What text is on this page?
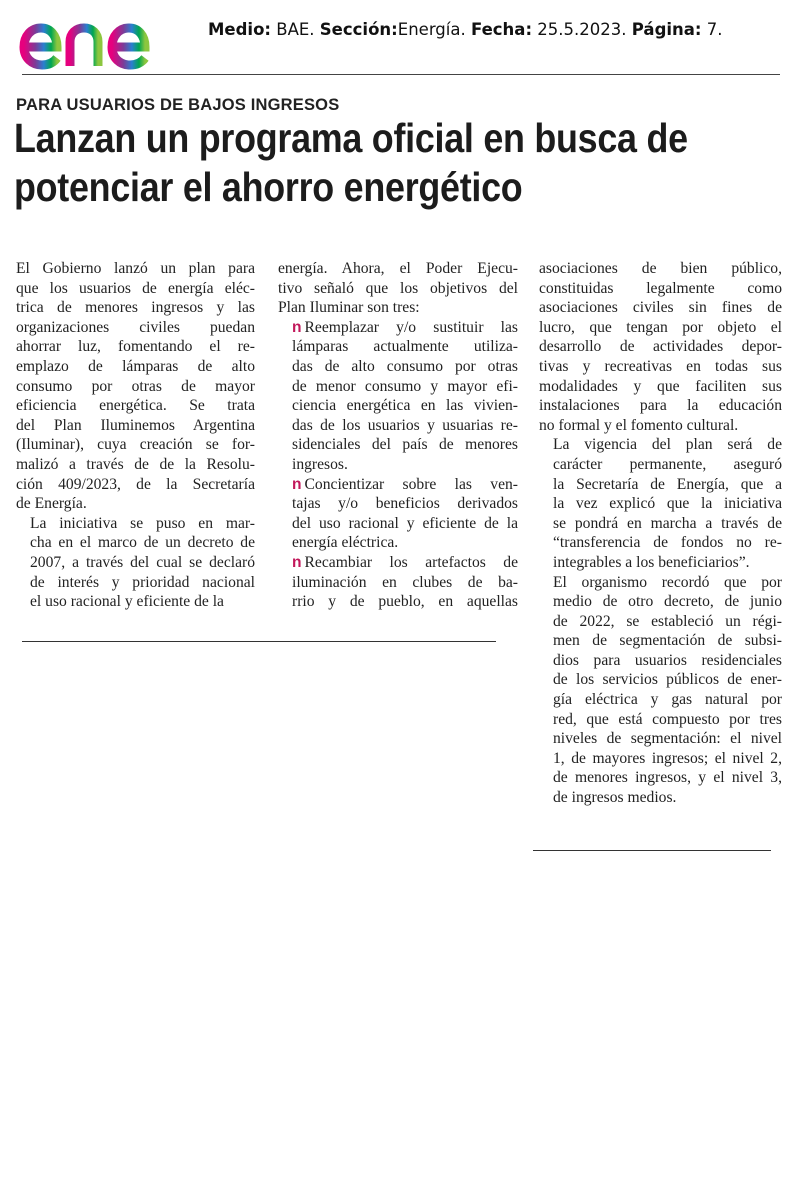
Medio: BAE. Sección:Energía. Fecha: 25.5.2023. Página: 7.
PARA USUARIOS DE BAJOS INGRESOS
Lanzan un programa oficial en busca de potenciar el ahorro energético

El Gobierno lanzó un plan para
que los usuarios de energía eléc-
trica de menores ingresos y las
organizaciones civiles puedan
ahorrar luz, fomentando el re-
emplazo de lámparas de alto
consumo por otras de mayor
eficiencia energética. Se trata
del Plan Iluminemos Argentina
(Iluminar), cuya creación se for-
malizó a través de de la Resolu-
ción 409/2023, de la Secretaría
de Energía.

La iniciativa se puso en mar-
cha en el marco de un decreto de
2007, a través del cual se declaró
de interés y prioridad nacional
el uso racional y eficiente de la

energía. Ahora, el Poder Ejecu-
tivo señaló que los objetivos del
Plan Iluminar son tres:

n Reemplazar y/o sustituir las
lámparas actualmente utiliza-
das de alto consumo por otras
de menor consumo y mayor efi-
ciencia energética en las vivien-
das de los usuarios y usuarias re-
sidenciales del país de menores
ingresos.

n Concientizar sobre las ven-
tajas y/o beneficios derivados
del uso racional y eficiente de la
energía eléctrica.

n Recambiar los artefactos de
iluminación en clubes de ba-
rrio y de pueblo, en aquellas

asociaciones de bien público,
constituidas legalmente como
asociaciones civiles sin fines de
lucro, que tengan por objeto el
desarrollo de actividades depor-
tivas y recreativas en todas sus
modalidades y que faciliten sus
instalaciones para la educación
no formal y el fomento cultural.

La vigencia del plan será de
carácter permanente, aseguró
la Secretaría de Energía, que a
la vez explicó que la iniciativa
se pondrá en marcha a través de
“transferencia de fondos no re-
integrables a los beneficiarios”.

El organismo recordó que por
medio de otro decreto, de junio
de 2022, se estableció un régi-
men de segmentación de subsi-
dios para usuarios residenciales
de los servicios públicos de ener-
gía eléctrica y gas natural por
red, que está compuesto por tres
niveles de segmentación: el nivel
1, de mayores ingresos; el nivel 2,
de menores ingresos, y el nivel 3,
de ingresos medios.
